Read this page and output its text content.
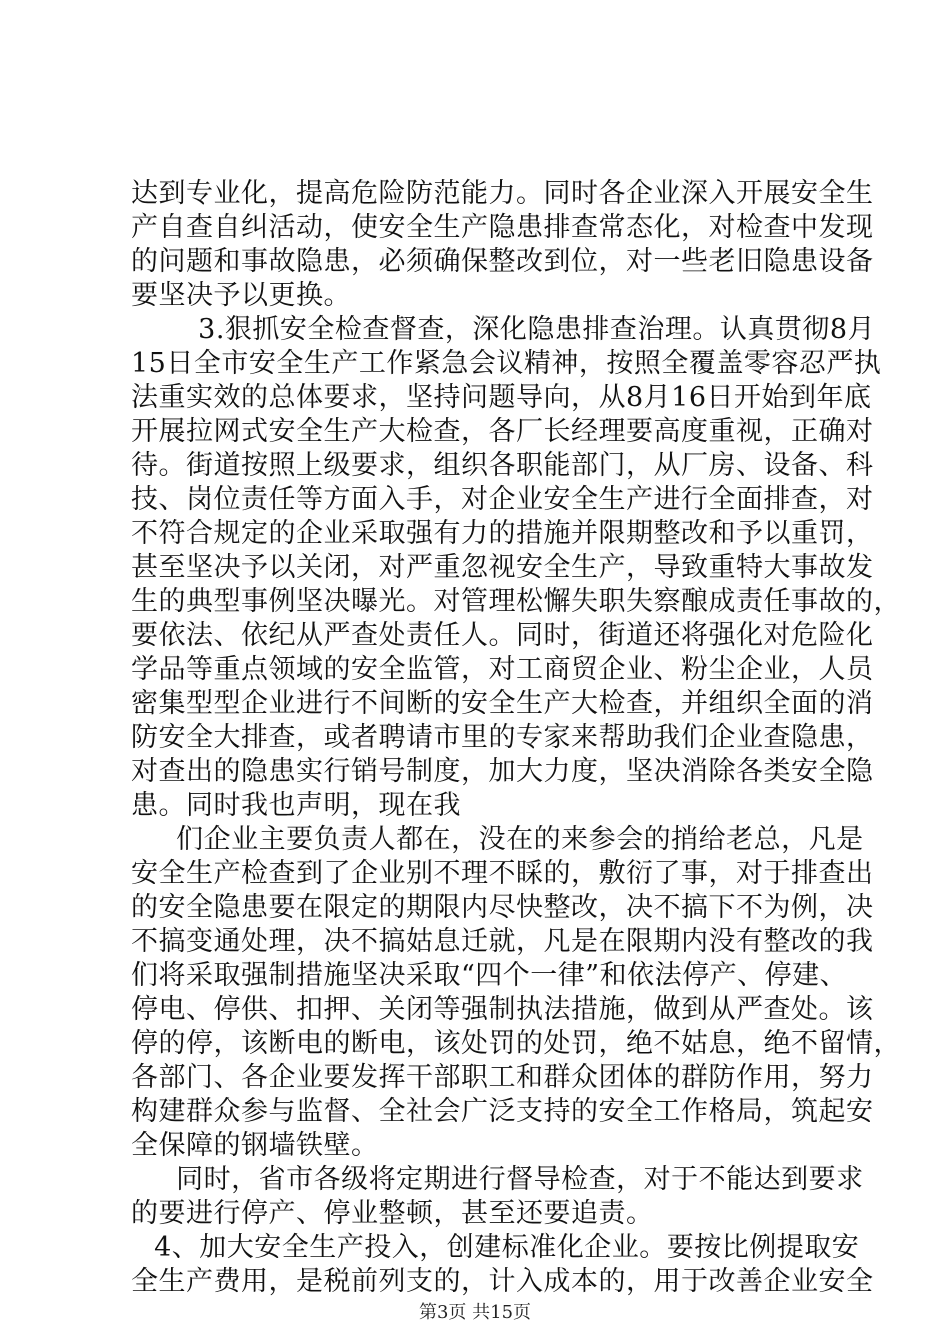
达到专业化，提高危险防范能力。同时各企业深入开展安全生
产自查自纠活动，使安全生产隐患排查常态化，对检查中发现
的问题和事故隐患，必须确保整改到位，对一些老旧隐患设备
要坚决予以更换。
3.狠抓安全检查督查，深化隐患排查治理。认真贯彻8月
15日全市安全生产工作紧急会议精神，按照全覆盖零容忍严执
法重实效的总体要求，坚持问题导向，从8月16日开始到年底
开展拉网式安全生产大检查，各厂长经理要高度重视，正确对
待。街道按照上级要求，组织各职能部门，从厂房、设备、科
技、岗位责任等方面入手，对企业安全生产进行全面排查，对
不符合规定的企业采取强有力的措施并限期整改和予以重罚，
甚至坚决予以关闭，对严重忽视安全生产，导致重特大事故发
生的典型事例坚决曝光。对管理松懈失职失察酿成责任事故的，
要依法、依纪从严查处责任人。同时，街道还将强化对危险化
学品等重点领域的安全监管，对工商贸企业、粉尘企业，人员
密集型型企业进行不间断的安全生产大检查，并组织全面的消
防安全大排查，或者聘请市里的专家来帮助我们企业查隐患，
对查出的隐患实行销号制度，加大力度，坚决消除各类安全隐
患。同时我也声明，现在我
们企业主要负责人都在，没在的来参会的捎给老总，凡是
安全生产检查到了企业别不理不睬的，敷衍了事，对于排查出
的安全隐患要在限定的期限内尽快整改，决不搞下不为例，决
不搞变通处理，决不搞姑息迁就，凡是在限期内没有整改的我
们将采取强制措施坚决采取“四个一律”和依法停产、停建、
停电、停供、扣押、关闭等强制执法措施，做到从严查处。该
停的停，该断电的断电，该处罚的处罚，绝不姑息，绝不留情，
各部门、各企业要发挥干部职工和群众团体的群防作用，努力
构建群众参与监督、全社会广泛支持的安全工作格局，筑起安
全保障的钢墙铁壁。
同时，省市各级将定期进行督导检查，对于不能达到要求
的要进行停产、停业整顿，甚至还要追责。
4、加大安全生产投入，创建标准化企业。要按比例提取安
全生产费用，是税前列支的，计入成本的，用于改善企业安全
第3页 共15页
